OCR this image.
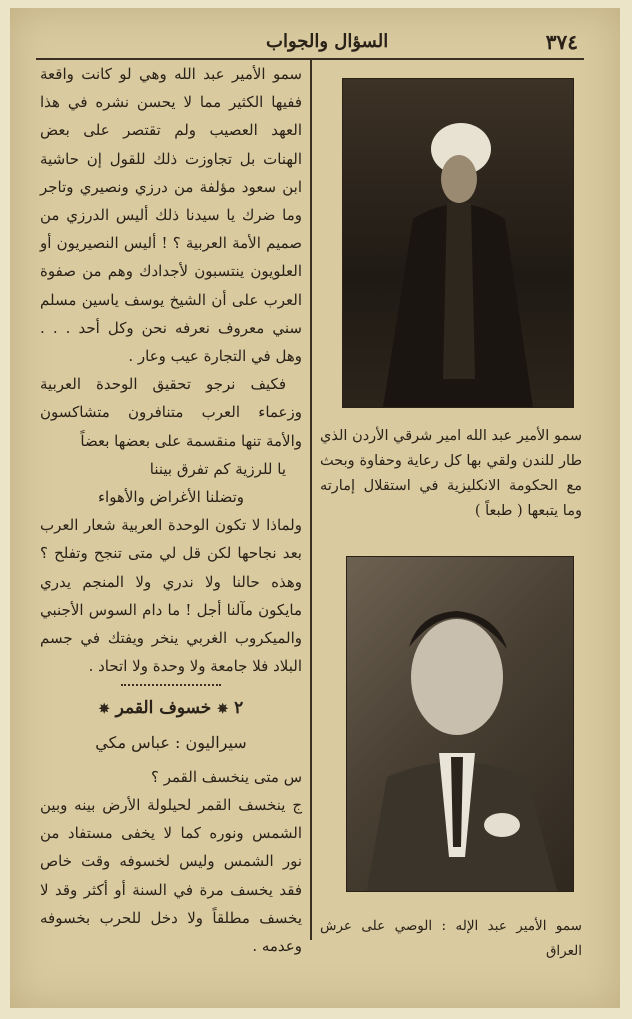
٣٧٤
السؤال والجواب

سمو الأمير عبد الله وهي لو كانت واقعة ففيها الكثير مما لا يحسن نشره في هذا العهد العصيب ولم تقتصر على بعض الهنات بل تجاوزت ذلك للقول إن حاشية ابن سعود مؤلفة من درزي ونصيري وتاجر وما ضرك يا سيدنا ذلك أليس الدرزي من صميم الأمة العربية ؟ ! أليس النصيريون أو العلويون ينتسبون لأجدادك وهم من صفوة العرب على أن الشيخ يوسف ياسين مسلم سني معروف نعرفه نحن وكل أحد . . . وهل في التجارة عيب وعار .

فكيف نرجو تحقيق الوحدة العربية وزعماء العرب متنافرون متشاكسون والأمة تنها منقسمة على بعضها بعضاً

يا للرزية كم تفرق بيننا

وتضلنا الأغراض والأهواء

ولماذا لا تكون الوحدة العربية شعار العرب بعد نجاحها لكن قل لي متى تنجح وتفلح ؟ وهذه حالنا ولا ندري ولا المنجم يدري مايكون مآلنا أجل ! ما دام السوس الأجنبي والميكروب الغربي ينخر ويفتك في جسم البلاد فلا جامعة ولا وحدة ولا اتحاد .

٢ ✵ خسوف القمر ✵
سيراليون : عباس مكي

س متى ينخسف القمر ؟

ج ينخسف القمر لحيلولة الأرض بينه وبين الشمس ونوره كما لا يخفى مستفاد من نور الشمس وليس لخسوفه وقت خاص فقد يخسف مرة في السنة أو أكثر وقد لا يخسف مطلقاً ولا دخل للحرب بخسوفه وعدمه .

سمو الأمير عبد الله امير شرقي الأردن الذي طار للندن ولقي بها كل رعاية وحفاوة وبحث مع الحكومة الانكليزية في استقلال إمارته وما يتبعها ( طبعاً )
سمو الأمير عبد الإله : الوصي على عرش العراق
